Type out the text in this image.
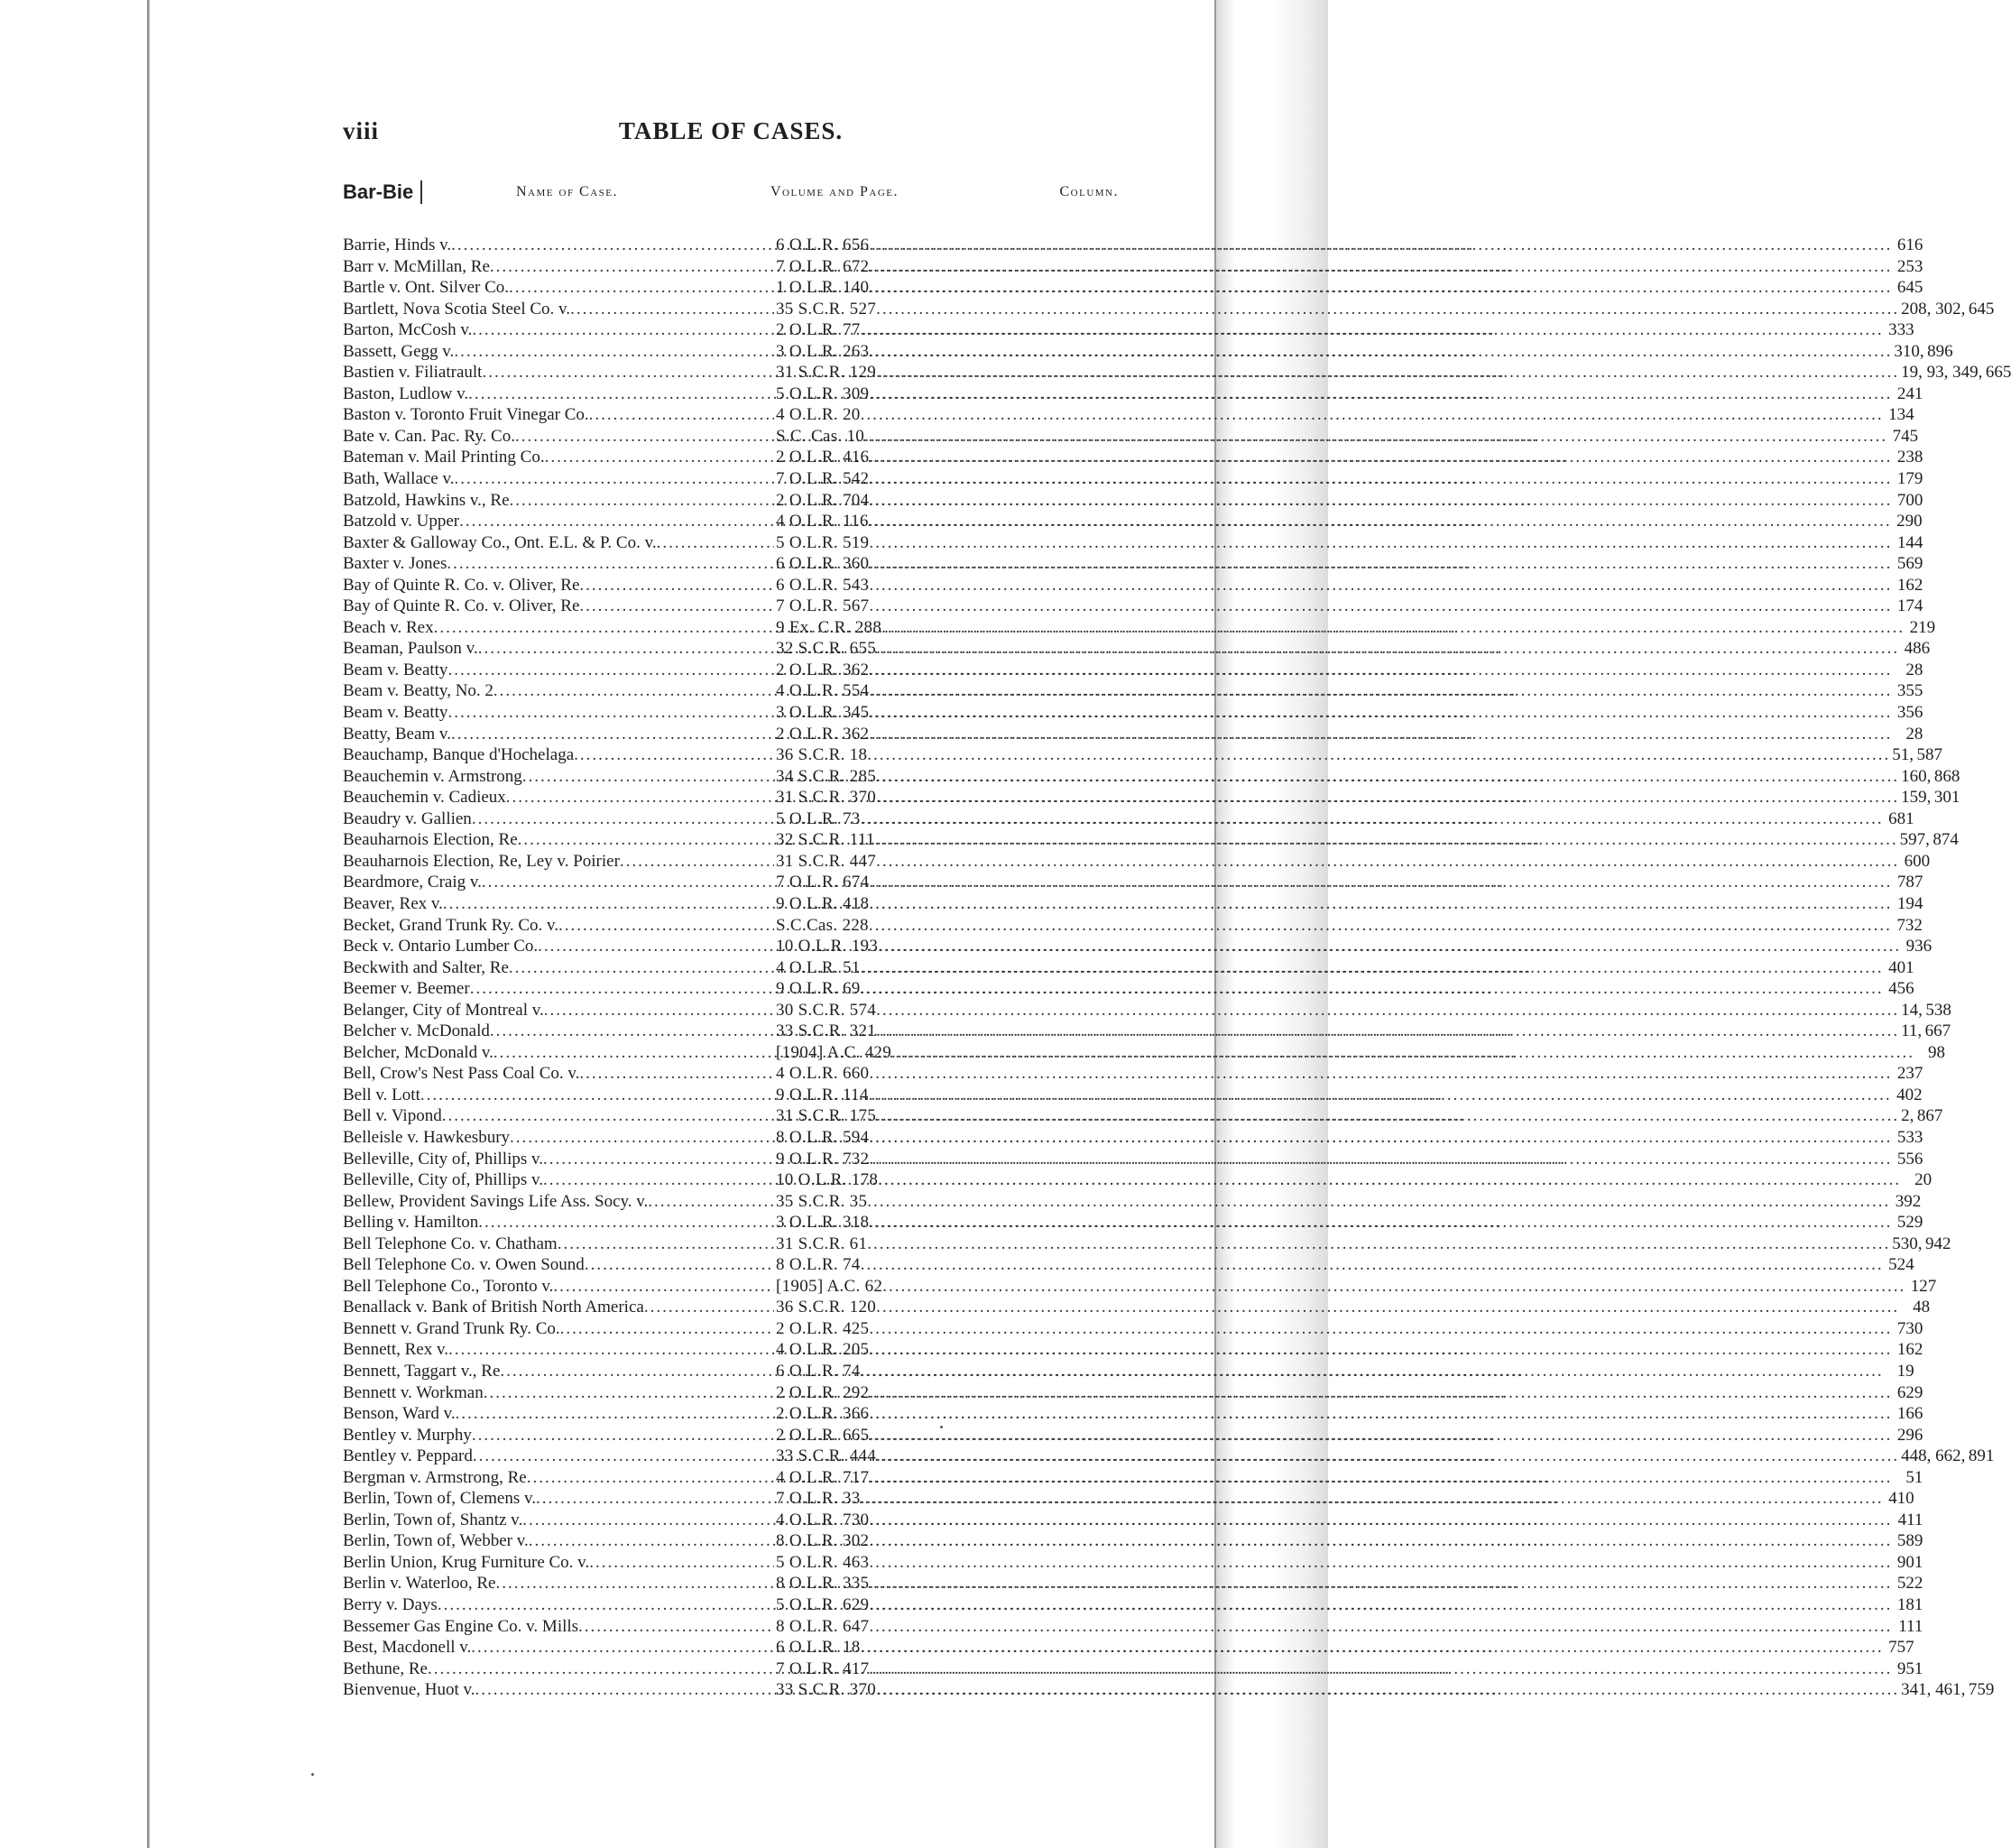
viii	TABLE OF CASES.
Bar-Bie	Name of Case.	Volume and Page.	Column.
Barrie, Hinds v. .....	6 O.L.R. 656 .....	616
Barr v. McMillan, Re .....	7 O.L.R. 672 .....	253
Bartle v. Ont. Silver Co. .....	1 O.L.R. 140 .....	645
Bartlett, Nova Scotia Steel Co. v. .....	35 S.C.R. 527 .....	208, 302, 645
Barton, McCosh v. .....	2 O.L.R. 77 .....	333
Bassett, Gegg v. .....	3 O.L.R. 263 .....	310, 896
Bastien v. Filiatrault .....	31 S.C.R. 129 .....	19, 93, 349, 665
Baston, Ludlow v. .....	5 O.L.R. 309 .....	241
Baston v. Toronto Fruit Vinegar Co. .....	4 O.L.R. 20 .....	134
Bate v. Can. Pac. Ry. Co. .....	S.C. Cas. 10 .....	745
Bateman v. Mail Printing Co. .....	2 O.L.R. 416 .....	238
Bath, Wallace v. .....	7 O.L.R. 542 .....	179
Batzold, Hawkins v., Re .....	2 O.L.R. 704 .....	700
Batzold v. Upper .....	4 O.L.R. 116 .....	290
Baxter & Galloway Co., Ont. E.L. & P. Co. v. .....	5 O.L.R. 519 .....	144
Baxter v. Jones .....	6 O.L.R. 360 .....	569
Bay of Quinte R. Co. v. Oliver, Re .....	6 O.L.R. 543 .....	162
Bay of Quinte R. Co. v. Oliver, Re .....	7 O.L.R. 567 .....	174
Beach v. Rex .....	9 Ex. C.R. 288 .....	219
Beaman, Paulson v. .....	32 S.C.R. 655 .....	486
Beam v. Beatty .....	2 O.L.R. 362 .....	28
Beam v. Beatty, No. 2 .....	4 O.L.R. 554 .....	355
Beam v. Beatty .....	3 O.L.R. 345 .....	356
Beatty, Beam v. .....	2 O.L.R. 362 .....	28
Beauchamp, Banque d'Hochelaga .....	36 S.C.R. 18 .....	51, 587
Beauchemin v. Armstrong .....	34 S.C.R. 285 .....	160, 868
Beauchemin v. Cadieux .....	31 S.C.R. 370 .....	159, 301
Beaudry v. Gallien .....	5 O.L.R. 73 .....	681
Beauharnois Election, Re .....	32 S.C.R. 111 .....	597, 874
Beauharnois Election, Re, Ley v. Poirier .....	31 S.C.R. 447 .....	600
Beardmore, Craig v. .....	7 O.L.R. 674 .....	787
Beaver, Rex v. .....	9 O.L.R. 418 .....	194
Becket, Grand Trunk Ry. Co. v. .....	S.C.Cas. 228 .....	732
Beck v. Ontario Lumber Co. .....	10 O.L.R. 193 .....	936
Beckwith and Salter, Re .....	4 O.L.R. 51 .....	401
Beemer v. Beemer .....	9 O.L.R. 69 .....	456
Belanger, City of Montreal v. .....	30 S.C.R. 574 .....	14, 538
Belcher v. McDonald .....	33 S.C.R. 321 .....	11, 667
Belcher, McDonald v. .....	[1904] A.C. 429 .....	98
Bell, Crow's Nest Pass Coal Co. v. .....	4 O.L.R. 660 .....	237
Bell v. Lott .....	9 O.L.R. 114 .....	402
Bell v. Vipond .....	31 S.C.R. 175 .....	2, 867
Belleisle v. Hawkesbury .....	8 O.L.R. 594 .....	533
Belleville, City of, Phillips v. .....	9 O.L.R. 732 .....	556
Belleville, City of, Phillips v. .....	10 O.L.R. 178 .....	20
Bellew, Provident Savings Life Ass. Socy. v. .....	35 S.C.R. 35 .....	392
Belling v. Hamilton .....	3 O.L.R. 318 .....	529
Bell Telephone Co. v. Chatham .....	31 S.C.R. 61 .....	530, 942
Bell Telephone Co. v. Owen Sound .....	8 O.L.R. 74 .....	524
Bell Telephone Co., Toronto v. .....	[1905] A.C. 62 .....	127
Benallack v. Bank of British North America .....	36 S.C.R. 120 .....	48
Bennett v. Grand Trunk Ry. Co. .....	2 O.L.R. 425 .....	730
Bennett, Rex v. .....	4 O.L.R. 205 .....	162
Bennett, Taggart v., Re .....	6 O.L.R. 74 .....	19
Bennett v. Workman .....	2 O.L.R. 292 .....	629
Benson, Ward v. .....	2 O.L.R. 366 .....	166
Bentley v. Murphy .....	2 O.L.R. 665 .....	296
Bentley v. Peppard .....	33 S.C.R. 444 .....	448, 662, 891
Bergman v. Armstrong, Re .....	4 O.L.R. 717 .....	51
Berlin, Town of, Clemens v. .....	7 O.L.R. 33 .....	410
Berlin, Town of, Shantz v. .....	4 O.L.R. 730 .....	411
Berlin, Town of, Webber v. .....	8 O.L.R. 302 .....	589
Berlin Union, Krug Furniture Co. v. .....	5 O.L.R. 463 .....	901
Berlin v. Waterloo, Re .....	8 O.L.R. 335 .....	522
Berry v. Days .....	5 O.L.R. 629 .....	181
Bessemer Gas Engine Co. v. Mills .....	8 O.L.R. 647 .....	111
Best, Macdonell v. .....	6 O.L.R. 18 .....	757
Bethune, Re .....	7 O.L.R. 417 .....	951
Bienvenue, Huot v. .....	33 S.C.R. 370 .....	341, 461, 759
